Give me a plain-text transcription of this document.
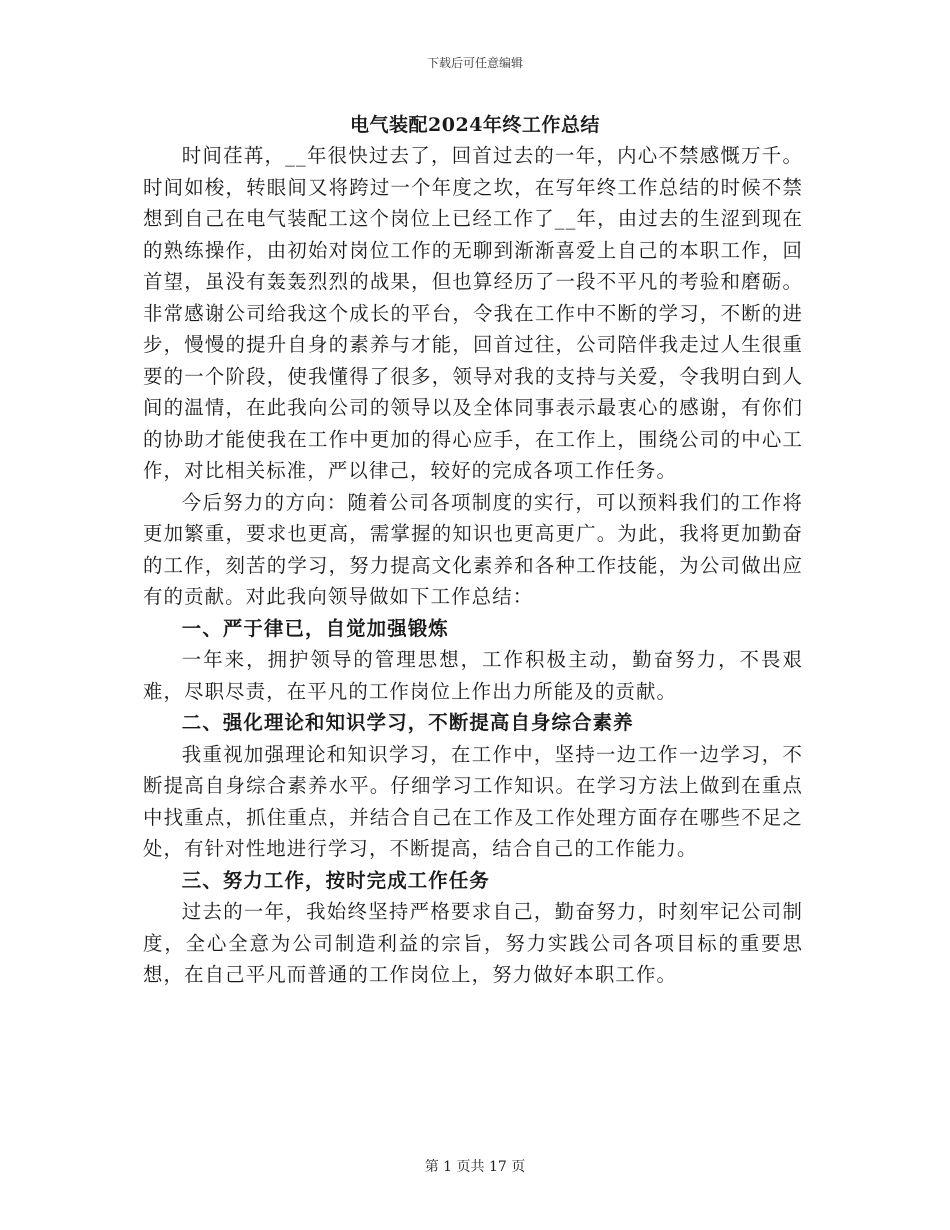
下载后可任意编辑
电气装配2024年终工作总结

时间荏苒，__年很快过去了，回首过去的一年，内心不禁感慨万千。时间如梭，转眼间又将跨过一个年度之坎，在写年终工作总结的时候不禁想到自己在电气装配工这个岗位上已经工作了__年，由过去的生涩到现在的熟练操作，由初始对岗位工作的无聊到渐渐喜爱上自己的本职工作，回首望，虽没有轰轰烈烈的战果，但也算经历了一段不平凡的考验和磨砺。非常感谢公司给我这个成长的平台，令我在工作中不断的学习，不断的进步，慢慢的提升自身的素养与才能，回首过往，公司陪伴我走过人生很重要的一个阶段，使我懂得了很多，领导对我的支持与关爱，令我明白到人间的温情，在此我向公司的领导以及全体同事表示最衷心的感谢，有你们的协助才能使我在工作中更加的得心应手，在工作上，围绕公司的中心工作，对比相关标准，严以律己，较好的完成各项工作任务。

今后努力的方向：随着公司各项制度的实行，可以预料我们的工作将更加繁重，要求也更高，需掌握的知识也更高更广。为此，我将更加勤奋的工作，刻苦的学习，努力提高文化素养和各种工作技能，为公司做出应有的贡献。对此我向领导做如下工作总结：

一、严于律已，自觉加强锻炼

一年来，拥护领导的管理思想，工作积极主动，勤奋努力，不畏艰难，尽职尽责，在平凡的工作岗位上作出力所能及的贡献。

二、强化理论和知识学习，不断提高自身综合素养

我重视加强理论和知识学习，在工作中，坚持一边工作一边学习，不断提高自身综合素养水平。仔细学习工作知识。在学习方法上做到在重点中找重点，抓住重点，并结合自己在工作及工作处理方面存在哪些不足之处，有针对性地进行学习，不断提高，结合自己的工作能力。

三、努力工作，按时完成工作任务

过去的一年，我始终坚持严格要求自己，勤奋努力，时刻牢记公司制度，全心全意为公司制造利益的宗旨，努力实践公司各项目标的重要思想，在自己平凡而普通的工作岗位上，努力做好本职工作。

第 1 页共 17 页
